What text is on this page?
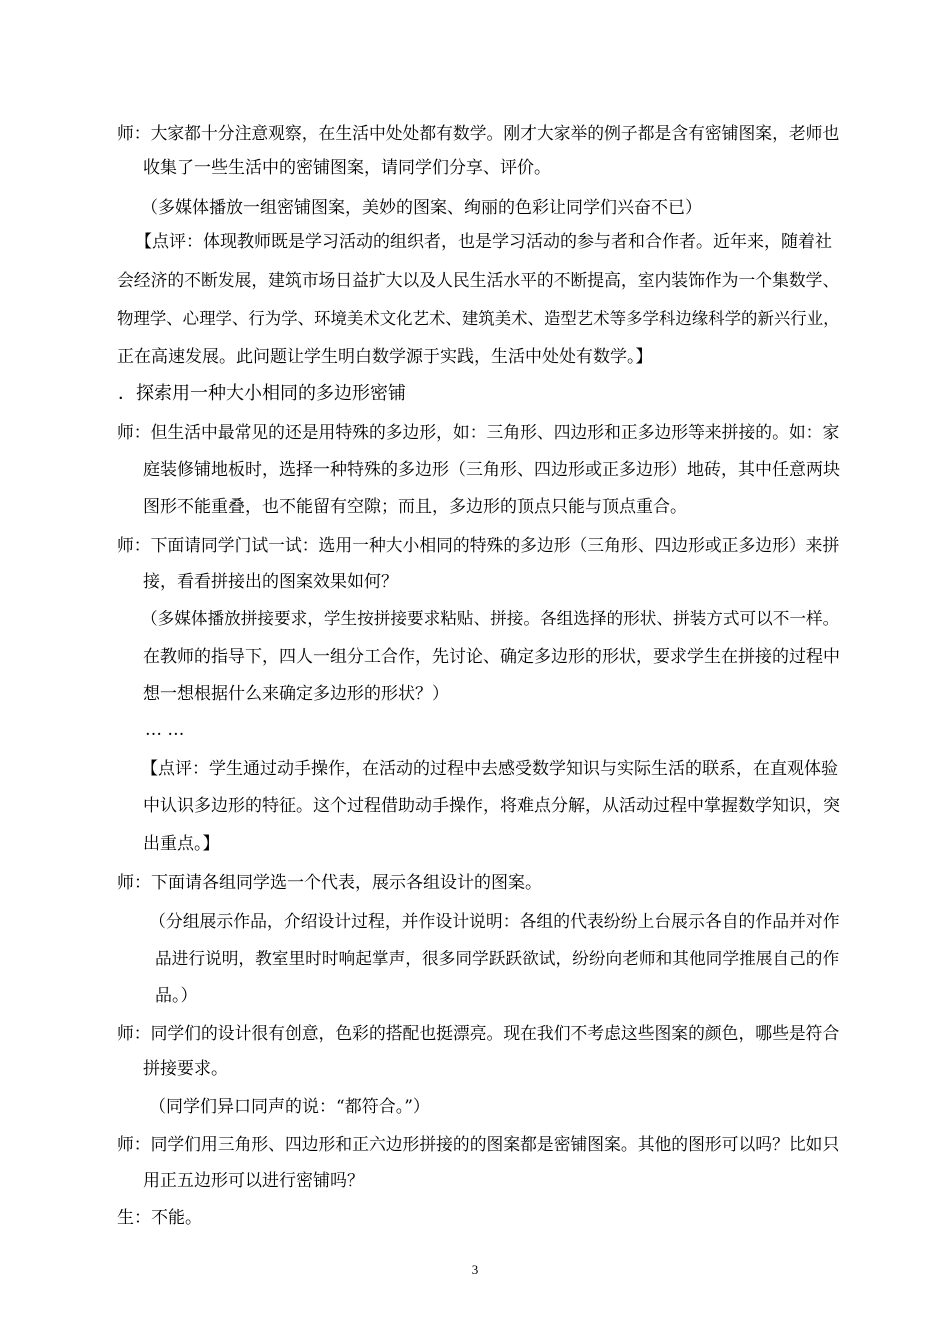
师：大家都十分注意观察，在生活中处处都有数学。刚才大家举的例子都是含有密铺图案，老师也
收集了一些生活中的密铺图案，请同学们分享、评价。
（多媒体播放一组密铺图案，美妙的图案、绚丽的色彩让同学们兴奋不已）
【点评：体现教师既是学习活动的组织者，也是学习活动的参与者和合作者。近年来，随着社
会经济的不断发展，建筑市场日益扩大以及人民生活水平的不断提高，室内装饰作为一个集数学、
物理学、心理学、行为学、环境美术文化艺术、建筑美术、造型艺术等多学科边缘科学的新兴行业，
正在高速发展。此问题让学生明白数学源于实践，生活中处处有数学。】
．探索用一种大小相同的多边形密铺
师：但生活中最常见的还是用特殊的多边形，如：三角形、四边形和正多边形等来拼接的。如：家
庭装修铺地板时，选择一种特殊的多边形（三角形、四边形或正多边形）地砖，其中任意两块
图形不能重叠，也不能留有空隙；而且，多边形的顶点只能与顶点重合。
师：下面请同学门试一试：选用一种大小相同的特殊的多边形（三角形、四边形或正多边形）来拼
接，看看拼接出的图案效果如何？
（多媒体播放拼接要求，学生按拼接要求粘贴、拼接。各组选择的形状、拼装方式可以不一样。
在教师的指导下，四人一组分工合作，先讨论、确定多边形的形状，要求学生在拼接的过程中
想一想根据什么来确定多边形的形状？）
… …
【点评：学生通过动手操作，在活动的过程中去感受数学知识与实际生活的联系，在直观体验
中认识多边形的特征。这个过程借助动手操作，将难点分解，从活动过程中掌握数学知识，突
出重点。】
师：下面请各组同学选一个代表，展示各组设计的图案。
（分组展示作品，介绍设计过程，并作设计说明：各组的代表纷纷上台展示各自的作品并对作
品进行说明，教室里时时响起掌声，很多同学跃跃欲试，纷纷向老师和其他同学推展自己的作
品。）
师：同学们的设计很有创意，色彩的搭配也挺漂亮。现在我们不考虑这些图案的颜色，哪些是符合
拼接要求。
（同学们异口同声的说：“都符合。”）
师：同学们用三角形、四边形和正六边形拼接的的图案都是密铺图案。其他的图形可以吗？比如只
用正五边形可以进行密铺吗？
生：不能。
3
